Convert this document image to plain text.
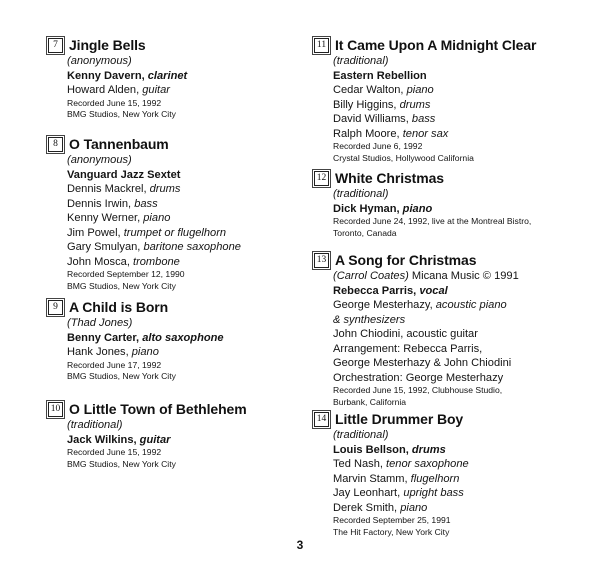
7 Jingle Bells
(anonymous)
Kenny Davern, clarinet
Howard Alden, guitar
Recorded June 15, 1992
BMG Studios, New York City
8 O Tannenbaum
(anonymous)
Vanguard Jazz Sextet
Dennis Mackrel, drums
Dennis Irwin, bass
Kenny Werner, piano
Jim Powel, trumpet or flugelhorn
Gary Smulyan, baritone saxophone
John Mosca, trombone
Recorded September 12, 1990
BMG Studios, New York City
9 A Child is Born
(Thad Jones)
Benny Carter, alto saxophone
Hank Jones, piano
Recorded June 17, 1992
BMG Studios, New York City
10 O Little Town of Bethlehem
(traditional)
Jack Wilkins, guitar
Recorded June 15, 1992
BMG Studios, New York City
11 It Came Upon A Midnight Clear
(traditional)
Eastern Rebellion
Cedar Walton, piano
Billy Higgins, drums
David Williams, bass
Ralph Moore, tenor sax
Recorded June 6, 1992
Crystal Studios, Hollywood California
12 White Christmas
(traditional)
Dick Hyman, piano
Recorded June 24, 1992, live at the Montreal Bistro,
Toronto, Canada
13 A Song for Christmas
(Carrol Coates) Micana Music © 1991
Rebecca Parris, vocal
George Mesterhazy, acoustic piano
& synthesizers
John Chiodini, acoustic guitar
Arrangement: Rebecca Parris,
George Mesterhazy & John Chiodini
Orchestration: George Mesterhazy
Recorded June 15, 1992, Clubhouse Studio,
Burbank, California
14 Little Drummer Boy
(traditional)
Louis Bellson, drums
Ted Nash, tenor saxophone
Marvin Stamm, flugelhorn
Jay Leonhart, upright bass
Derek Smith, piano
Recorded September 25, 1991
The Hit Factory, New York City
3
